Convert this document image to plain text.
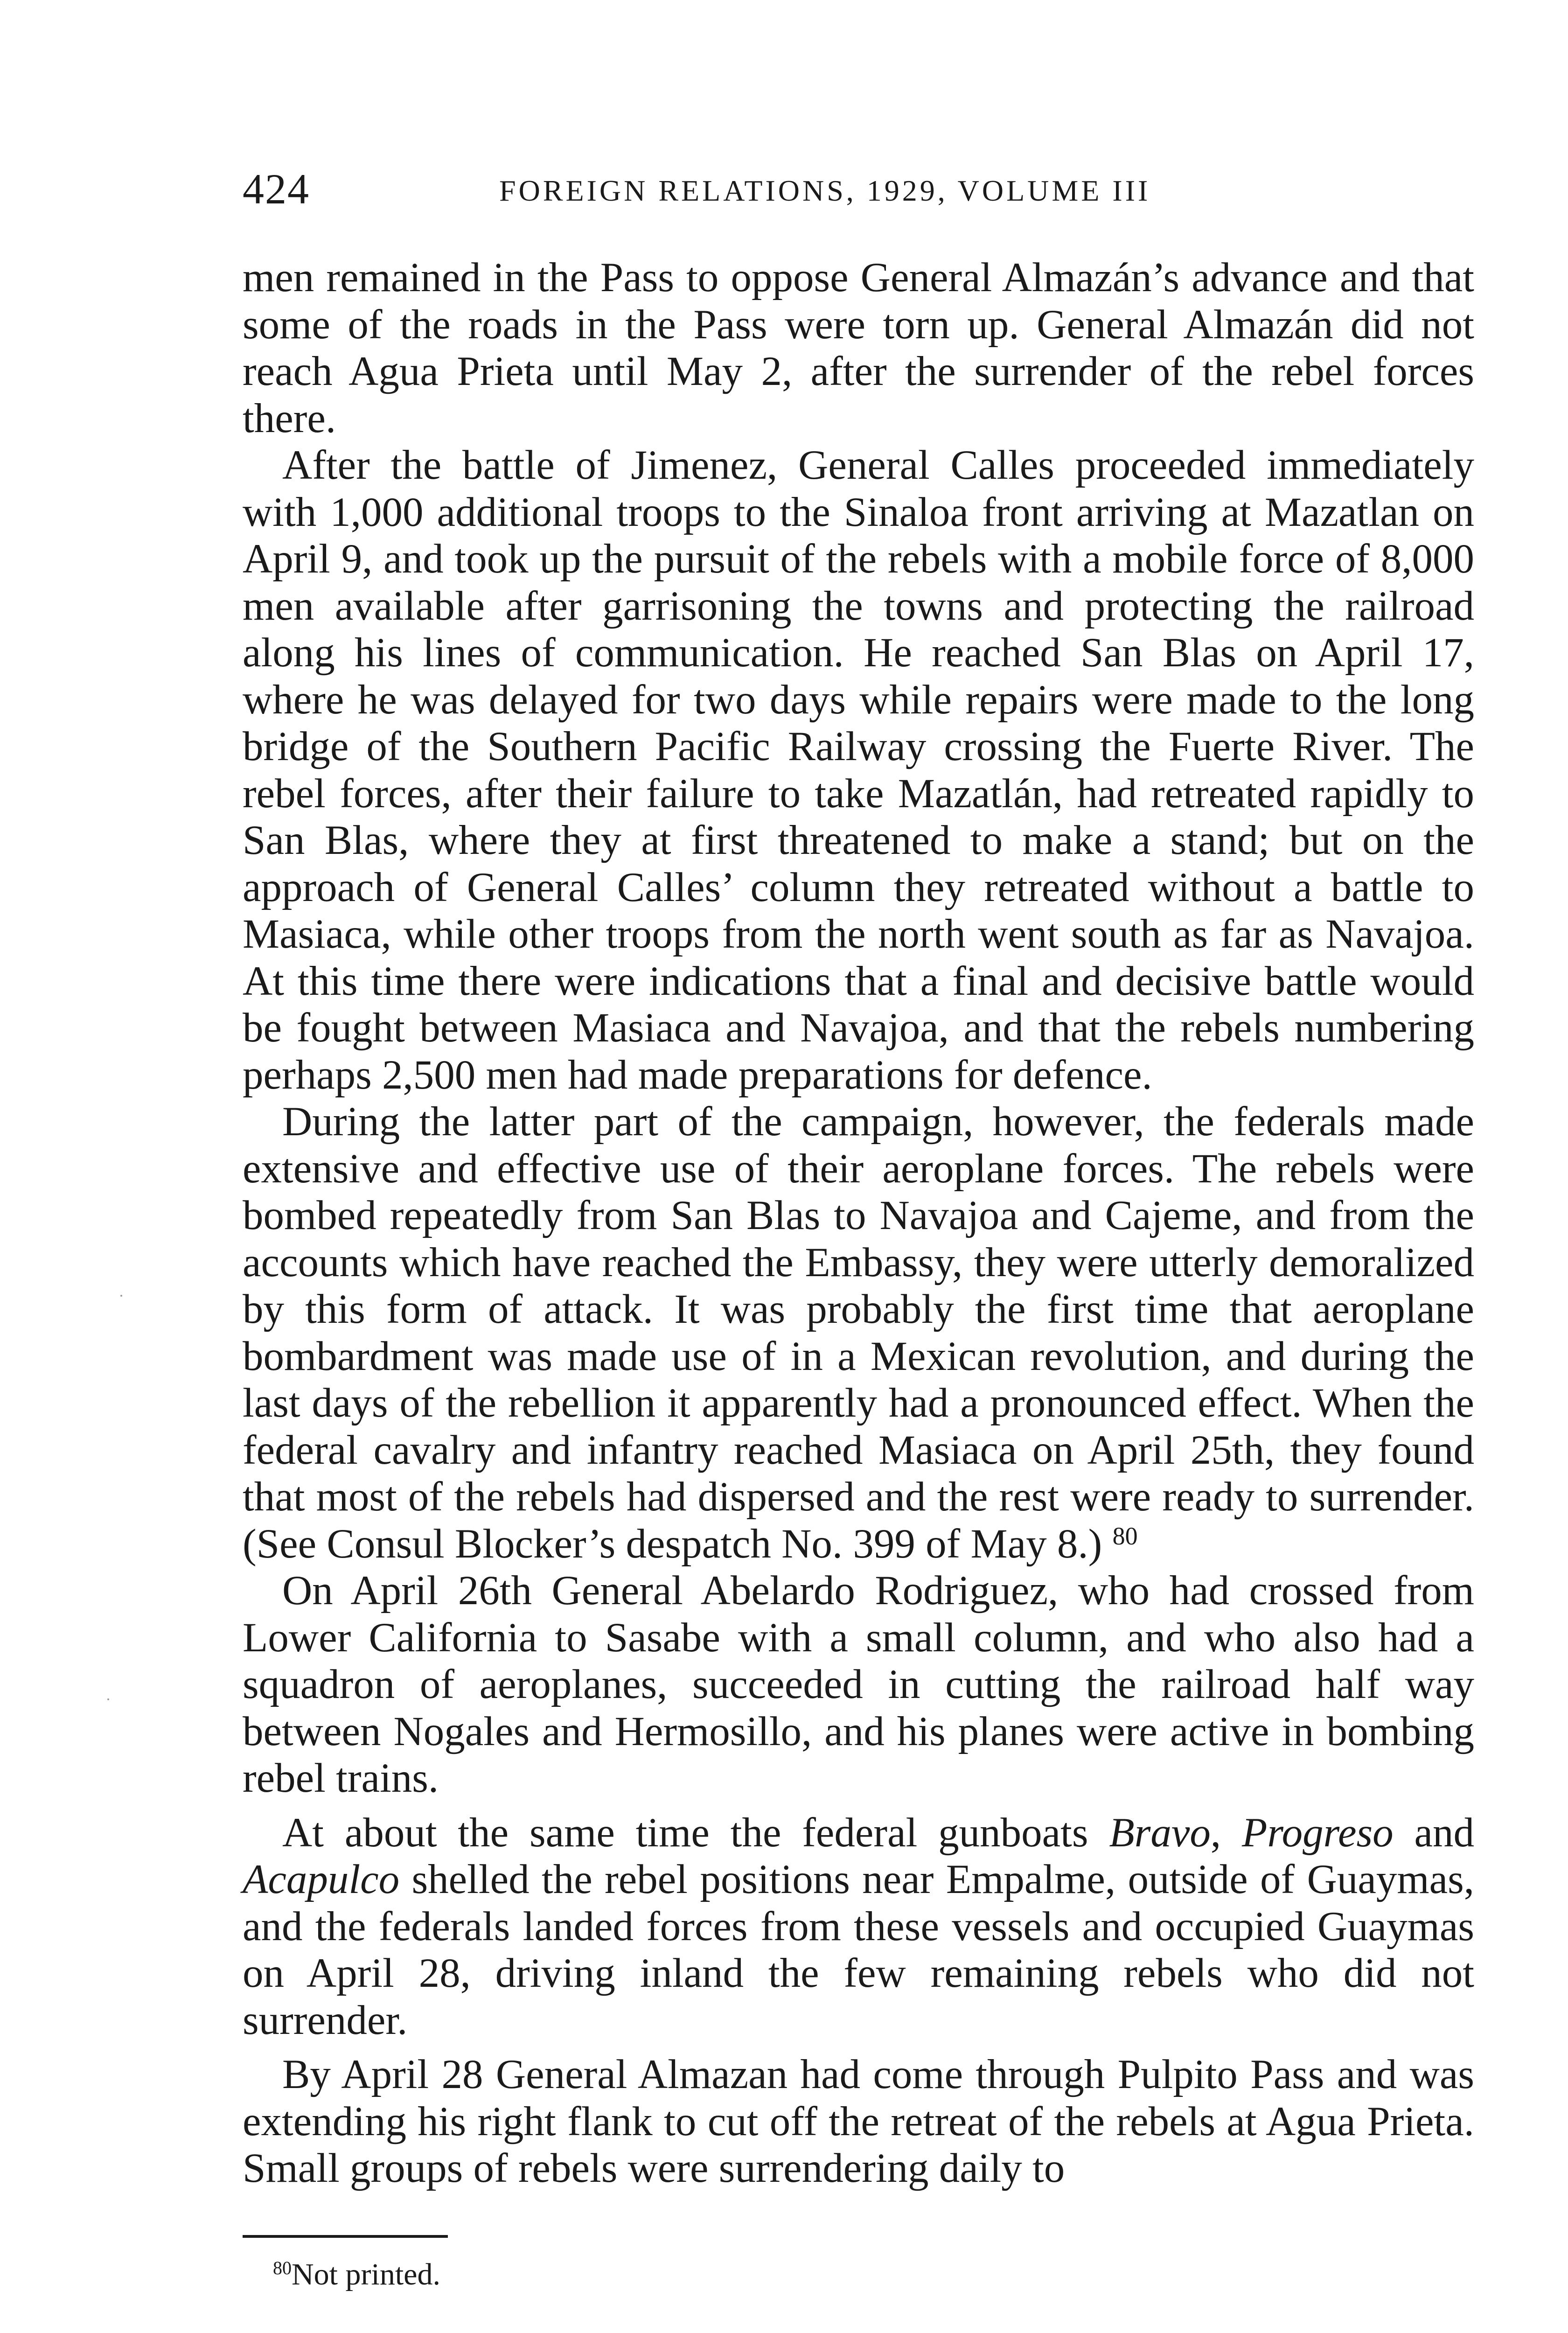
424	FOREIGN RELATIONS, 1929, VOLUME III

men remained in the Pass to oppose General Almazán’s advance and that some of the roads in the Pass were torn up. General Almazán did not reach Agua Prieta until May 2, after the surrender of the rebel forces there.

After the battle of Jimenez, General Calles proceeded immediately with 1,000 additional troops to the Sinaloa front arriving at Mazatlan on April 9, and took up the pursuit of the rebels with a mobile force of 8,000 men available after garrisoning the towns and protecting the railroad along his lines of communication. He reached San Blas on April 17, where he was delayed for two days while repairs were made to the long bridge of the Southern Pacific Railway crossing the Fuerte River. The rebel forces, after their failure to take Mazatlán, had retreated rapidly to San Blas, where they at first threatened to make a stand; but on the approach of General Calles’ column they retreated without a battle to Masiaca, while other troops from the north went south as far as Navajoa. At this time there were indications that a final and decisive battle would be fought between Masiaca and Navajoa, and that the rebels numbering perhaps 2,500 men had made preparations for defence.

During the latter part of the campaign, however, the federals made extensive and effective use of their aeroplane forces. The rebels were bombed repeatedly from San Blas to Navajoa and Cajeme, and from the accounts which have reached the Embassy, they were utterly demoralized by this form of attack. It was probably the first time that aeroplane bombardment was made use of in a Mexican revolution, and during the last days of the rebellion it apparently had a pronounced effect. When the federal cavalry and infantry reached Masiaca on April 25th, they found that most of the rebels had dispersed and the rest were ready to surrender. (See Consul Blocker’s despatch No. 399 of May 8.) $^{80}$

On April 26th General Abelardo Rodriguez, who had crossed from Lower California to Sasabe with a small column, and who also had a squadron of aeroplanes, succeeded in cutting the railroad half way between Nogales and Hermosillo, and his planes were active in bombing rebel trains.

At about the same time the federal gunboats Bravo, Progreso and Acapulco shelled the rebel positions near Empalme, outside of Guaymas, and the federals landed forces from these vessels and occupied Guaymas on April 28, driving inland the few remaining rebels who did not surrender.

By April 28 General Almazan had come through Pulpito Pass and was extending his right flank to cut off the retreat of the rebels at Agua Prieta. Small groups of rebels were surrendering daily to

$^{80}$Not printed.
